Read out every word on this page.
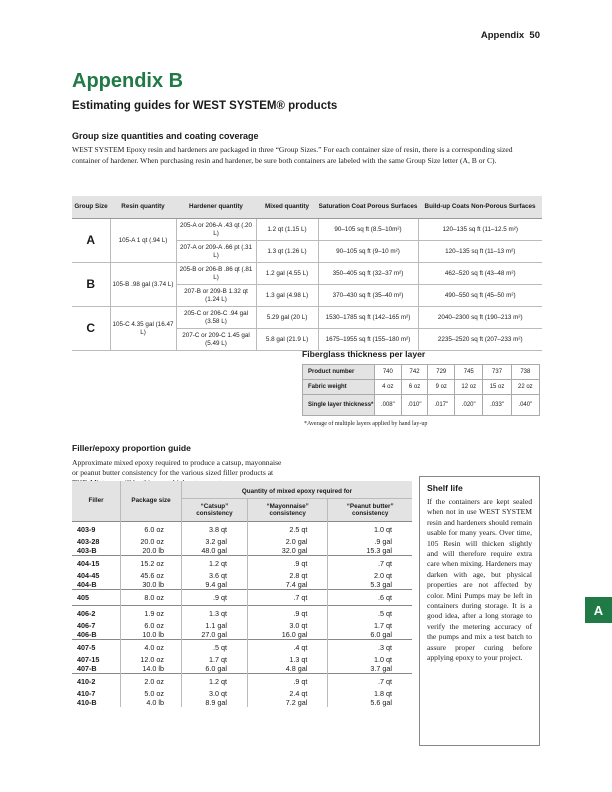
Appendix 50
Appendix B
Estimating guides for WEST SYSTEM® products
Group size quantities and coating coverage
WEST SYSTEM Epoxy resin and hardeners are packaged in three “Group Sizes.” For each container size of resin, there is a corresponding sized container of hardener. When purchasing resin and hardener, be sure both containers are labeled with the same Group Size letter (A, B or C).
Group Size	Resin quantity	Hardener quantity	Mixed quantity	Saturation Coat Porous Surfaces	Build-up Coats Non-Porous Surfaces
A	105-A 1 qt (.94 L)	205-A or 206-A .43 qt (.20 L)	1.2 qt (1.15 L)	90–105 sq ft (8.5–10m²)	120–135 sq ft (11–12.5 m²)
		207-A or 209-A .66 pt (.31 L)	1.3 qt (1.26 L)	90–105 sq ft (9–10 m²)	120–135 sq ft (11–13 m²)
B	105-B .98 gal (3.74 L)	205-B or 206-B .86 qt (.81 L)	1.2 gal (4.55 L)	350–405 sq ft (32–37 m²)	462–520 sq ft (43–48 m²)
		207-B or 209-B 1.32 qt (1.24 L)	1.3 gal (4.98 L)	370–430 sq ft (35–40 m²)	490–550 sq ft (45–50 m²)
C	105-C 4.35 gal (16.47 L)	205-C or 206-C .94 gal (3.58 L)	5.29 gal (20 L)	1530–1785 sq ft (142–165 m²)	2040–2300 sq ft (190–213 m²)
		207-C or 209-C 1.45 gal (5.49 L)	5.8 gal (21.9 L)	1675–1955 sq ft (155–180 m²)	2235–2520 sq ft (207–233 m²)
Fiberglass thickness per layer
Product number	740	742	729	745	737	738
Fabric weight	4 oz	6 oz	9 oz	12 oz	15 oz	22 oz
Single layer thickness*	.008"	.010"	.017"	.020"	.033"	.040"
*Average of multiple layers applied by hand lay-up
Filler/epoxy proportion guide
Approximate mixed epoxy required to produce a catsup, mayonnaise or peanut butter consistency for the various sized filler products at
Filler	Package size	Quantity of mixed epoxy required for		
		“Catsup” consistency	“Mayonnaise” consistency	“Peanut butter” consistency
403-9	6.0 oz	3.8 qt	2.5 qt	1.0 qt
403-28	20.0 oz	3.2 gal	2.0 gal	.9 gal
403-B	20.0 lb	48.0 gal	32.0 gal	15.3 gal
404-15	15.2 oz	1.2 qt	.9 qt	.7 qt
404-45	45.6 oz	3.6 qt	2.8 qt	2.0 qt
404-B	30.0 lb	9.4 gal	7.4 gal	5.3 gal
405	8.0 oz	.9 qt	.7 qt	.6 qt
406-2	1.9 oz	1.3 qt	.9 qt	.5 qt
406-7	6.0 oz	1.1 gal	3.0 qt	1.7 qt
406-B	10.0 lb	27.0 gal	16.0 gal	6.0 gal
407-5	4.0 oz	.5 qt	.4 qt	.3 qt
407-15	12.0 oz	1.7 qt	1.3 qt	1.0 qt
407-B	14.0 lb	6.0 gal	4.8 gal	3.7 gal
410-2	2.0 oz	1.2 qt	.9 qt	.7 qt
410-7	5.0 oz	3.0 qt	2.4 qt	1.8 qt
410-B	4.0 lb	8.9 gal	7.2 gal	5.6 gal
Shelf life
If the containers are kept sealed when not in use WEST SYSTEM resin and hardeners should remain usable for many years. Over time, 105 Resin will thicken slightly and will therefore require extra care when mixing. Hardeners may darken with age, but physical properties are not affected by color. Mini Pumps may be left in containers during storage. It is a good idea, after a long storage to verify the metering accuracy of the pumps and mix a test batch to assure proper curing before applying epoxy to your project.
A
